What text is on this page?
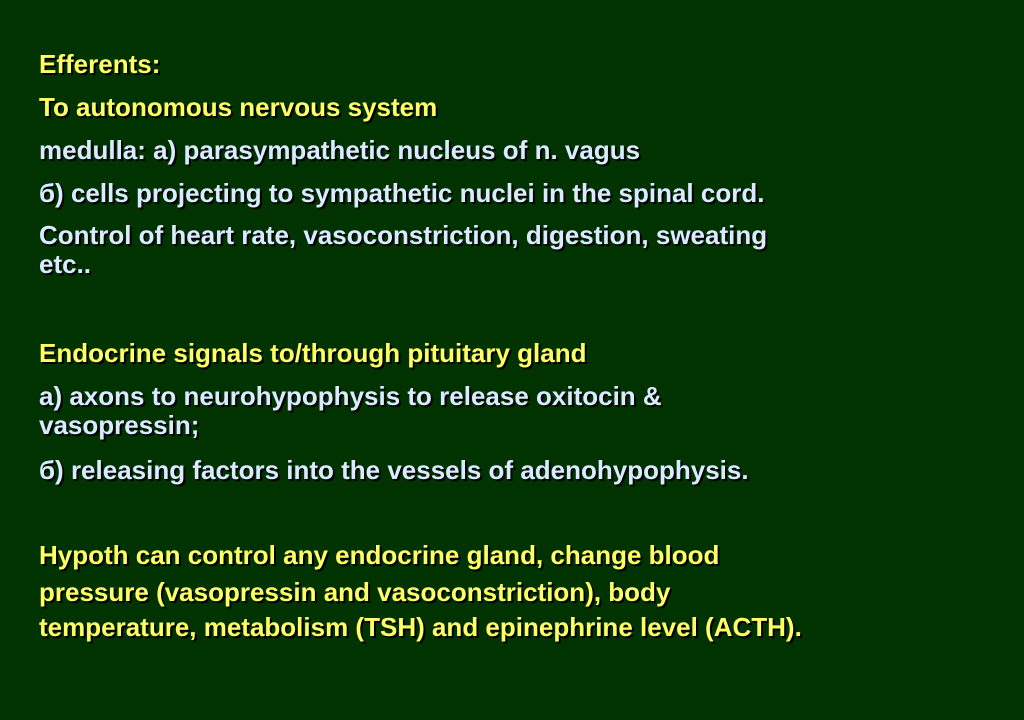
Efferents:
To autonomous nervous system
medulla: a) parasympathetic nucleus of n. vagus
б) cells projecting to sympathetic nuclei in the spinal cord.
Control of heart rate, vasoconstriction, digestion, sweating
etc..
Endocrine signals to/through pituitary gland
a) axons to neurohypophysis to release oxitocin &
vasopressin;
б) releasing factors into the vessels of adenohypophysis.
Hypoth can control any endocrine gland, change blood
pressure (vasopressin and vasoconstriction), body
temperature, metabolism (TSH) and epinephrine level (ACTH).
